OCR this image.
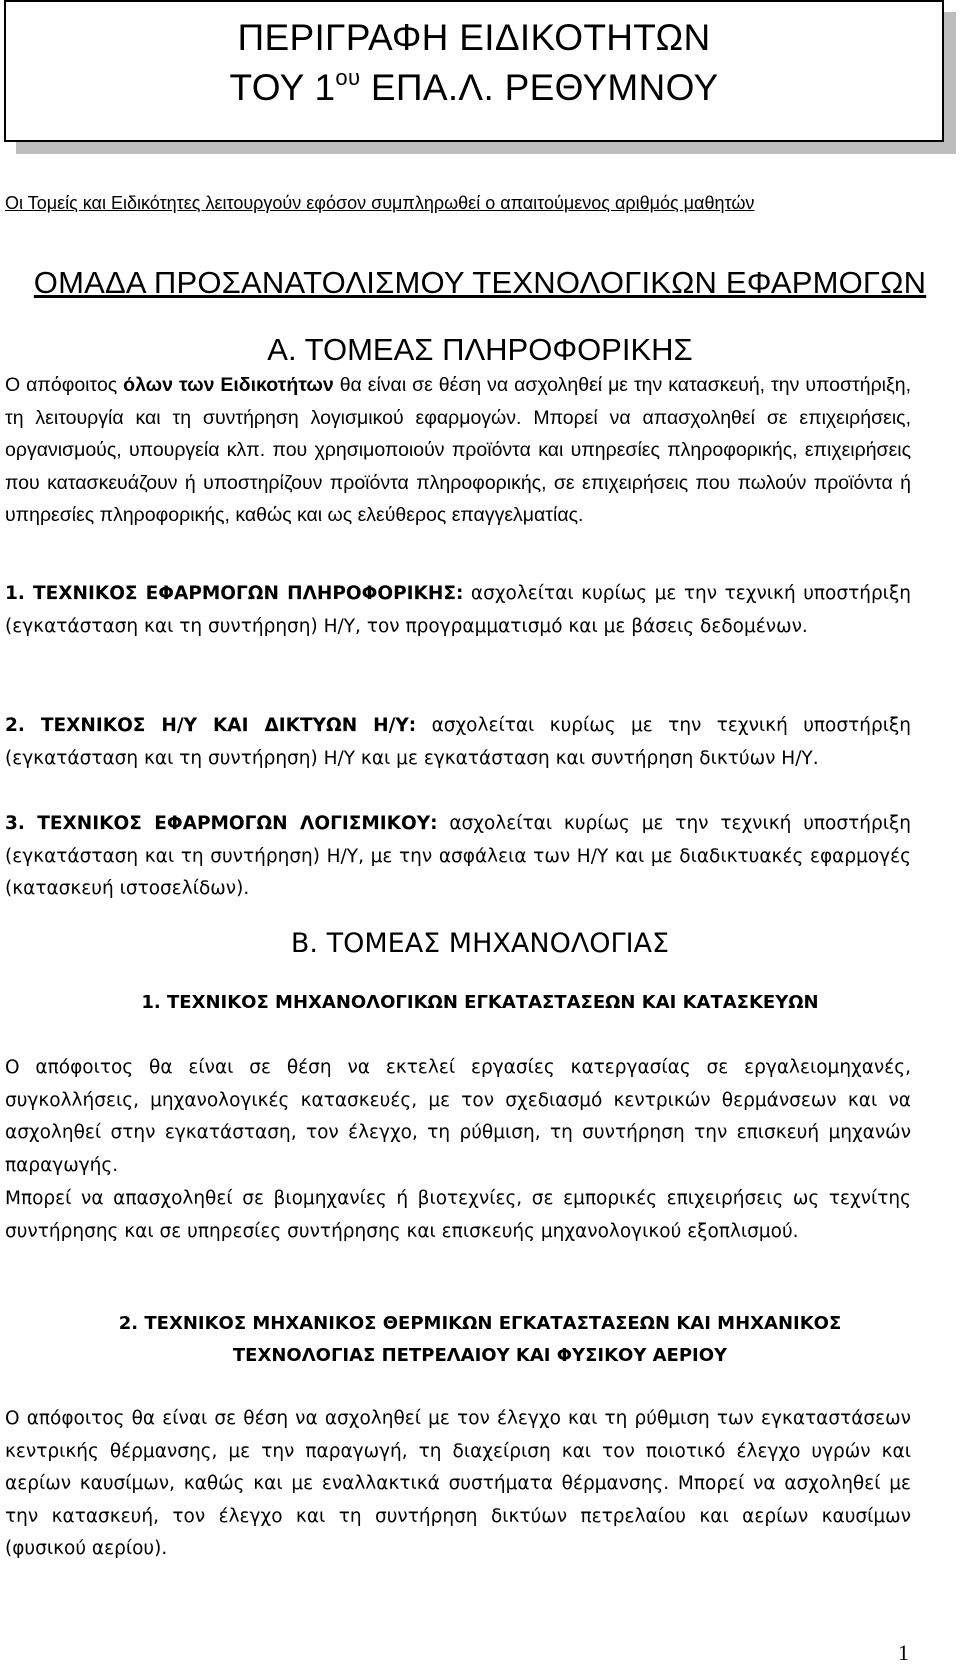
ΠΕΡΙΓΡΑΦΗ ΕΙΔΙΚΟΤΗΤΩΝ
ΤΟΥ $1^{o\upsilon}$ ΕΠΑ.Λ. ΡΕΘΥΜΝΟΥ
Οι Τομείς και Ειδικότητες λειτουργούν εφόσον συμπληρωθεί ο απαιτούμενος αριθμός μαθητών
ΟΜΑΔΑ ΠΡΟΣΑΝΑΤΟΛΙΣΜΟΥ ΤΕΧΝΟΛΟΓΙΚΩΝ ΕΦΑΡΜΟΓΩΝ
Α. ΤΟΜΕΑΣ ΠΛΗΡΟΦΟΡΙΚΗΣ

Ο απόφοιτος όλων των Ειδικοτήτων θα είναι σε θέση να ασχοληθεί με την κατασκευή, την υποστήριξη, τη λειτουργία και τη συντήρηση λογισμικού εφαρμογών. Μπορεί να απασχοληθεί σε επιχειρήσεις, οργανισμούς, υπουργεία κλπ. που χρησιμοποιούν προϊόντα και υπηρεσίες πληροφορικής, επιχειρήσεις που κατασκευάζουν ή υποστηρίζουν προϊόντα πληροφορικής, σε επιχειρήσεις που πωλούν προϊόντα ή υπηρεσίες πληροφορικής, καθώς και ως ελεύθερος επαγγελματίας.

1. ΤΕΧΝΙΚΟΣ ΕΦΑΡΜΟΓΩΝ ΠΛΗΡΟΦΟΡΙΚΗΣ: ασχολείται κυρίως με την τεχνική υποστήριξη (εγκατάσταση και τη συντήρηση) Η/Υ, τον προγραμματισμό και με βάσεις δεδομένων.

2. ΤΕΧΝΙΚΟΣ Η/Υ ΚΑΙ ΔΙΚΤΥΩΝ Η/Υ: ασχολείται κυρίως με την τεχνική υποστήριξη (εγκατάσταση και τη συντήρηση) Η/Υ και με εγκατάσταση και συντήρηση δικτύων Η/Υ.

3. ΤΕΧΝΙΚΟΣ ΕΦΑΡΜΟΓΩΝ ΛΟΓΙΣΜΙΚΟΥ: ασχολείται κυρίως με την τεχνική υποστήριξη (εγκατάσταση και τη συντήρηση) Η/Υ, με την ασφάλεια των Η/Υ και με διαδικτυακές εφαρμογές (κατασκευή ιστοσελίδων).

Β. ΤΟΜΕΑΣ ΜΗΧΑΝΟΛΟΓΙΑΣ
1. ΤΕΧΝΙΚΟΣ ΜΗΧΑΝΟΛΟΓΙΚΩΝ ΕΓΚΑΤΑΣΤΑΣΕΩΝ ΚΑΙ ΚΑΤΑΣΚΕΥΩΝ

Ο απόφοιτος θα είναι σε θέση να εκτελεί εργασίες κατεργασίας σε εργαλειομηχανές, συγκολλήσεις, μηχανολογικές κατασκευές, με τον σχεδιασμό κεντρικών θερμάνσεων και να ασχοληθεί στην εγκατάσταση, τον έλεγχο, τη ρύθμιση, τη συντήρηση την επισκευή μηχανών παραγωγής.

Μπορεί να απασχοληθεί σε βιομηχανίες ή βιοτεχνίες, σε εμπορικές επιχειρήσεις ως τεχνίτης συντήρησης και σε υπηρεσίες συντήρησης και επισκευής μηχανολογικού εξοπλισμού.

2. ΤΕΧΝΙΚΟΣ ΜΗΧΑΝΙΚΟΣ ΘΕΡΜΙΚΩΝ ΕΓΚΑΤΑΣΤΑΣΕΩΝ ΚΑΙ ΜΗΧΑΝΙΚΟΣ
ΤΕΧΝΟΛΟΓΙΑΣ ΠΕΤΡΕΛΑΙΟΥ ΚΑΙ ΦΥΣΙΚΟΥ ΑΕΡΙΟΥ

Ο απόφοιτος θα είναι σε θέση να ασχοληθεί με τον έλεγχο και τη ρύθμιση των εγκαταστάσεων κεντρικής θέρμανσης, με την παραγωγή, τη διαχείριση και τον ποιοτικό έλεγχο υγρών και αερίων καυσίμων, καθώς και με εναλλακτικά συστήματα θέρμανσης. Μπορεί να ασχοληθεί με την κατασκευή, τον έλεγχο και τη συντήρηση δικτύων πετρελαίου και αερίων καυσίμων (φυσικού αερίου).

1
